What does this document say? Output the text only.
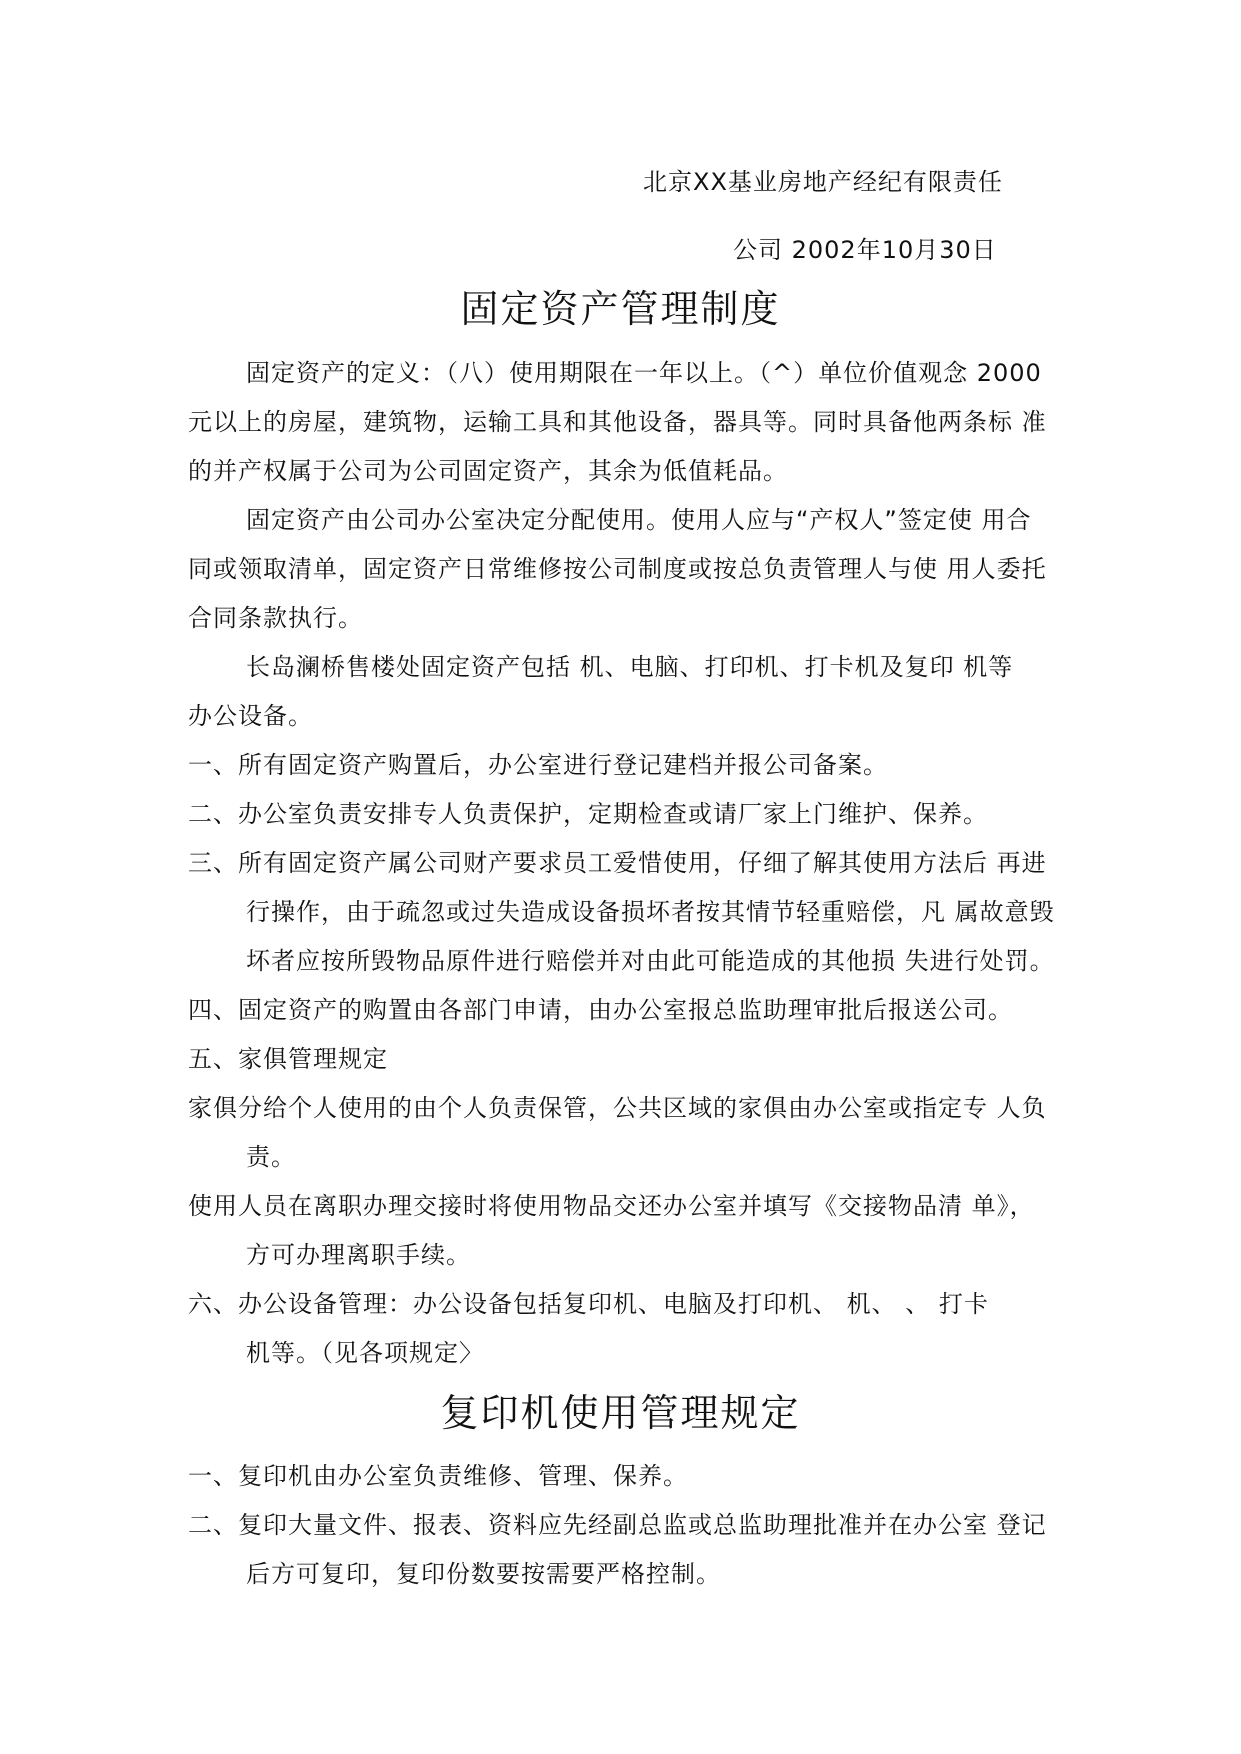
北京XX基业房地产经纪有限责任
公司 2002年10月30日
固定资产管理制度
固定资产的定义：（八）使用期限在一年以上。（^）单位价值观念 2000
元以上的房屋，建筑物，运输工具和其他设备，器具等。同时具备他两条标 准
的并产权属于公司为公司固定资产，其余为低值耗品。
固定资产由公司办公室决定分配使用。使用人应与“产权人”签定使 用合
同或领取清单，固定资产日常维修按公司制度或按总负责管理人与使 用人委托
合同条款执行。
长岛澜桥售楼处固定资产包括 机、电脑、打印机、打卡机及复印 机等
办公设备。
一、所有固定资产购置后，办公室进行登记建档并报公司备案。
二、办公室负责安排专人负责保护，定期检查或请厂家上门维护、保养。
三、所有固定资产属公司财产要求员工爱惜使用，仔细了解其使用方法后 再进
行操作，由于疏忽或过失造成设备损坏者按其情节轻重赔偿，凡 属故意毁
坏者应按所毁物品原件进行赔偿并对由此可能造成的其他损 失进行处罚。
四、固定资产的购置由各部门申请，由办公室报总监助理审批后报送公司。
五、家俱管理规定
家俱分给个人使用的由个人负责保管，公共区域的家俱由办公室或指定专 人负
责。
使用人员在离职办理交接时将使用物品交还办公室并填写《交接物品清 单》，
方可办理离职手续。
六、办公设备管理：办公设备包括复印机、电脑及打印机、 机、 、 打卡
机等。（见各项规定〉
复印机使用管理规定
一、复印机由办公室负责维修、管理、保养。
二、复印大量文件、报表、资料应先经副总监或总监助理批准并在办公室 登记
后方可复印，复印份数要按需要严格控制。
